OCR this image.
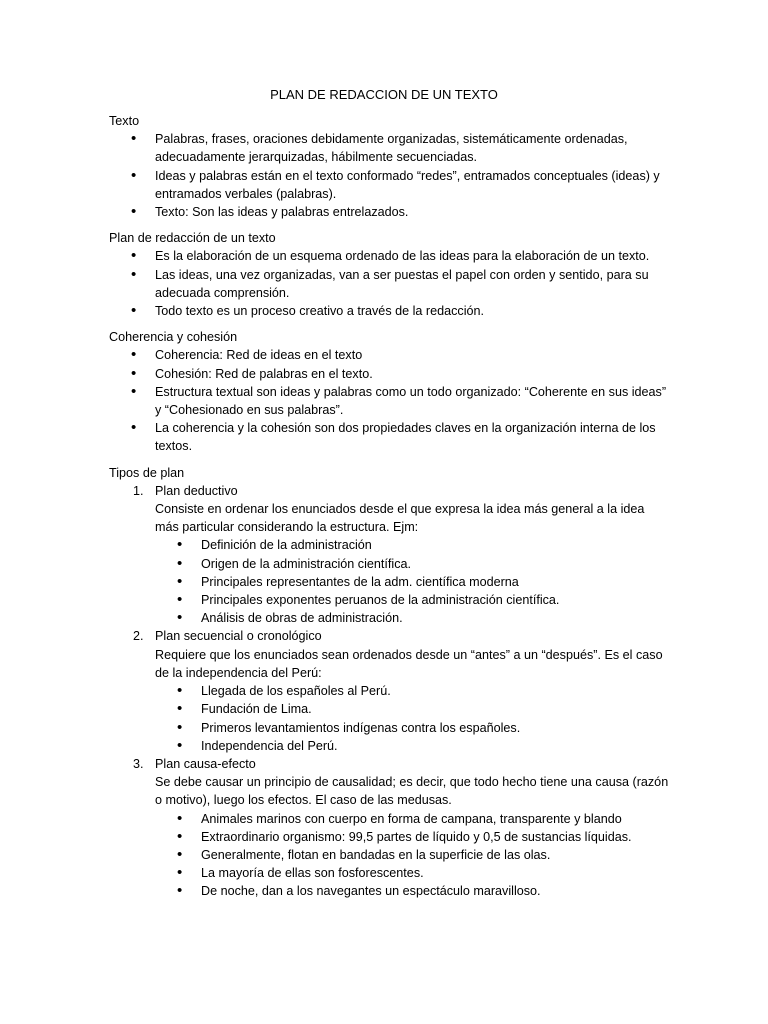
PLAN DE REDACCION DE UN TEXTO

Texto

• Palabras, frases, oraciones debidamente organizadas, sistemáticamente ordenadas, adecuadamente jerarquizadas, hábilmente secuenciadas.
• Ideas y palabras están en el texto conformado “redes”, entramados conceptuales (ideas) y entramados verbales (palabras).
• Texto: Son las ideas y palabras entrelazados.

Plan de redacción de un texto

• Es la elaboración de un esquema ordenado de las ideas para la elaboración de un texto.
• Las ideas, una vez organizadas, van a ser puestas el papel con orden y sentido, para su adecuada comprensión.
• Todo texto es un proceso creativo a través de la redacción.

Coherencia y cohesión

• Coherencia: Red de ideas en el texto
• Cohesión: Red de palabras en el texto.
• Estructura textual son ideas y palabras como un todo organizado: “Coherente en sus ideas” y “Cohesionado en sus palabras”.
• La coherencia y la cohesión son dos propiedades claves en la organización interna de los textos.

Tipos de plan

1. Plan deductivo
Consiste en ordenar los enunciados desde el que expresa la idea más general a la idea más particular considerando la estructura. Ejm:
• Definición de la administración
• Origen de la administración científica.
• Principales representantes de la adm. científica moderna
• Principales exponentes peruanos de la administración científica.
• Análisis de obras de administración.
2. Plan secuencial o cronológico
Requiere que los enunciados sean ordenados desde un “antes” a un “después”. Es el caso de la independencia del Perú:
• Llegada de los españoles al Perú.
• Fundación de Lima.
• Primeros levantamientos indígenas contra los españoles.
• Independencia del Perú.
3. Plan causa-efecto
Se debe causar un principio de causalidad; es decir, que todo hecho tiene una causa (razón o motivo), luego los efectos. El caso de las medusas.
• Animales marinos con cuerpo en forma de campana, transparente y blando
• Extraordinario organismo: 99,5 partes de líquido y 0,5 de sustancias líquidas.
• Generalmente, flotan en bandadas en la superficie de las olas.
• La mayoría de ellas son fosforescentes.
• De noche, dan a los navegantes un espectáculo maravilloso.
